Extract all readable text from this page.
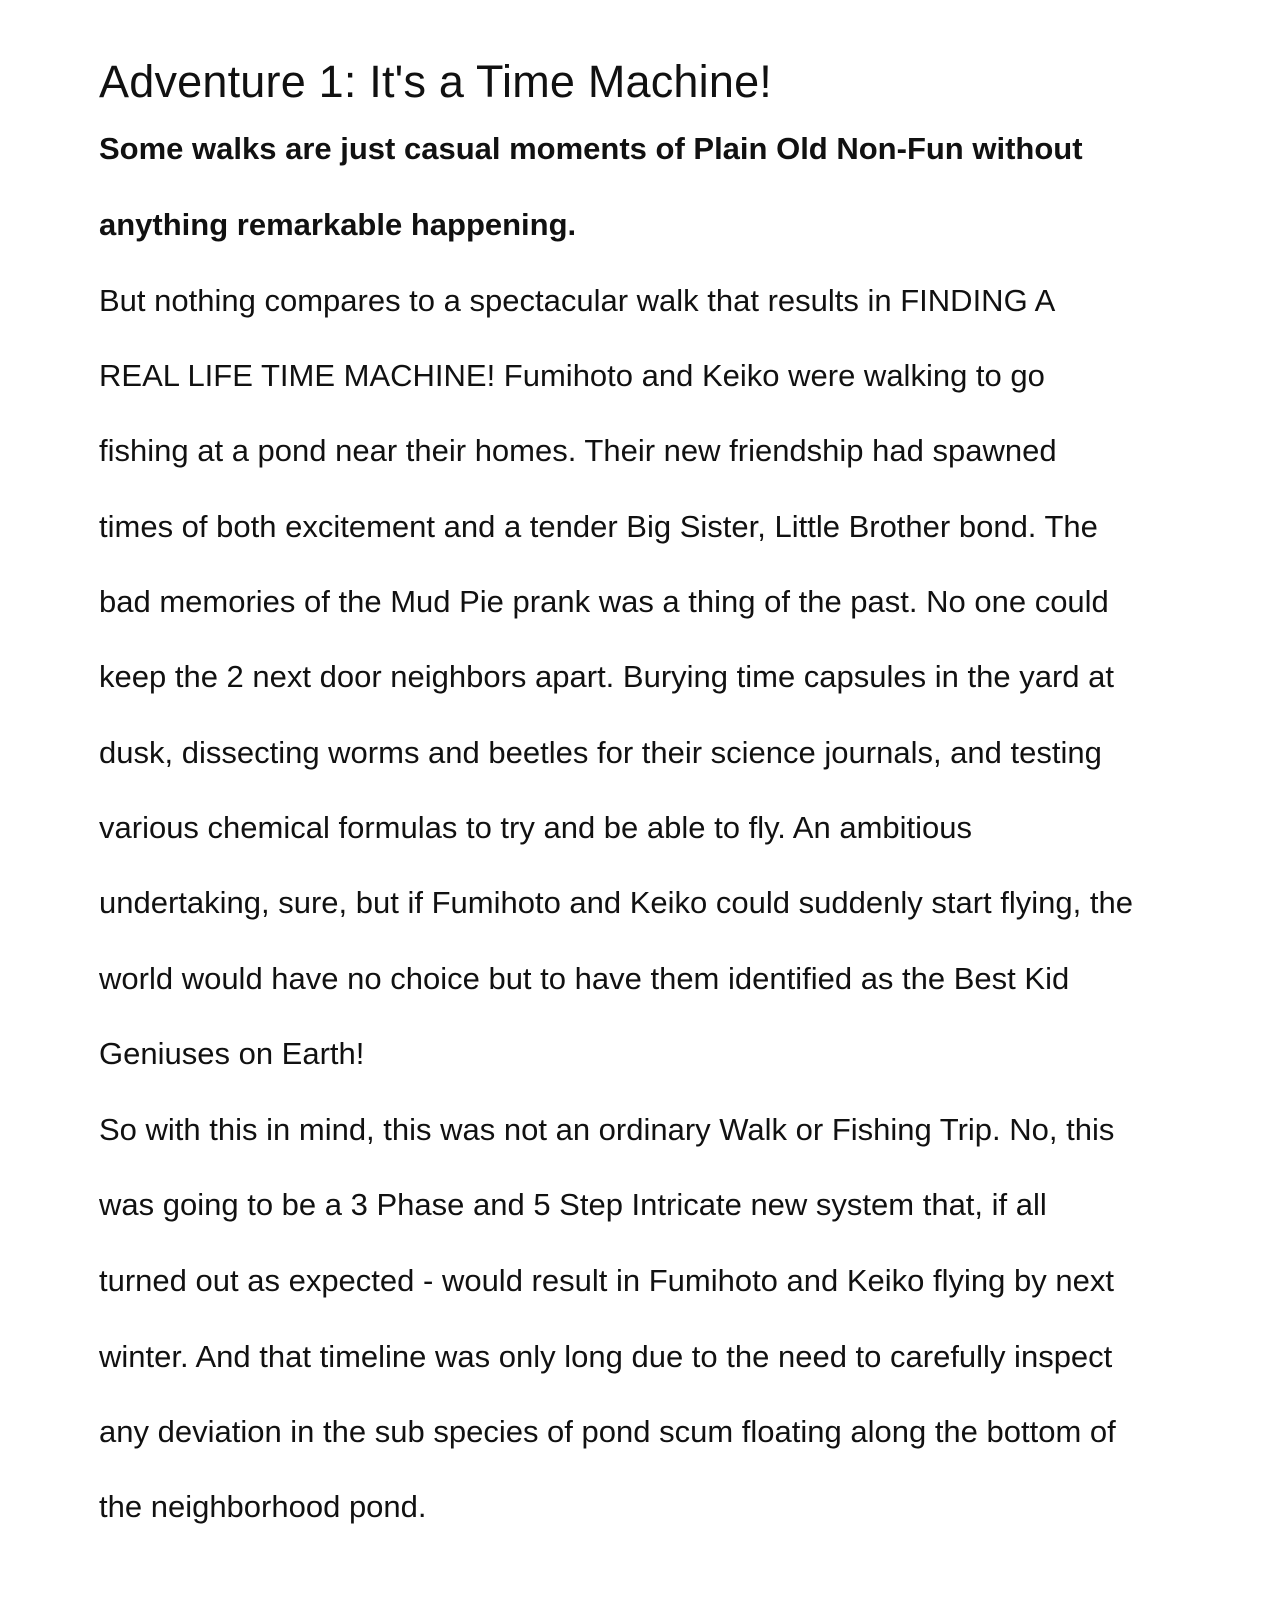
Adventure 1: It's a Time Machine!

Some walks are just casual moments of Plain Old Non-Fun without

anything remarkable happening.

But nothing compares to a spectacular walk that results in FINDING A

REAL LIFE TIME MACHINE! Fumihoto and Keiko were walking to go

fishing at a pond near their homes. Their new friendship had spawned

times of both excitement and a tender Big Sister, Little Brother bond. The

bad memories of the Mud Pie prank was a thing of the past. No one could

keep the 2 next door neighbors apart. Burying time capsules in the yard at

dusk, dissecting worms and beetles for their science journals, and testing

various chemical formulas to try and be able to fly. An ambitious

undertaking, sure, but if Fumihoto and Keiko could suddenly start flying, the

world would have no choice but to have them identified as the Best Kid

Geniuses on Earth!

So with this in mind, this was not an ordinary Walk or Fishing Trip. No, this

was going to be a 3 Phase and 5 Step Intricate new system that, if all

turned out as expected - would result in Fumihoto and Keiko flying by next

winter. And that timeline was only long due to the need to carefully inspect

any deviation in the sub species of pond scum floating along the bottom of

the neighborhood pond.
